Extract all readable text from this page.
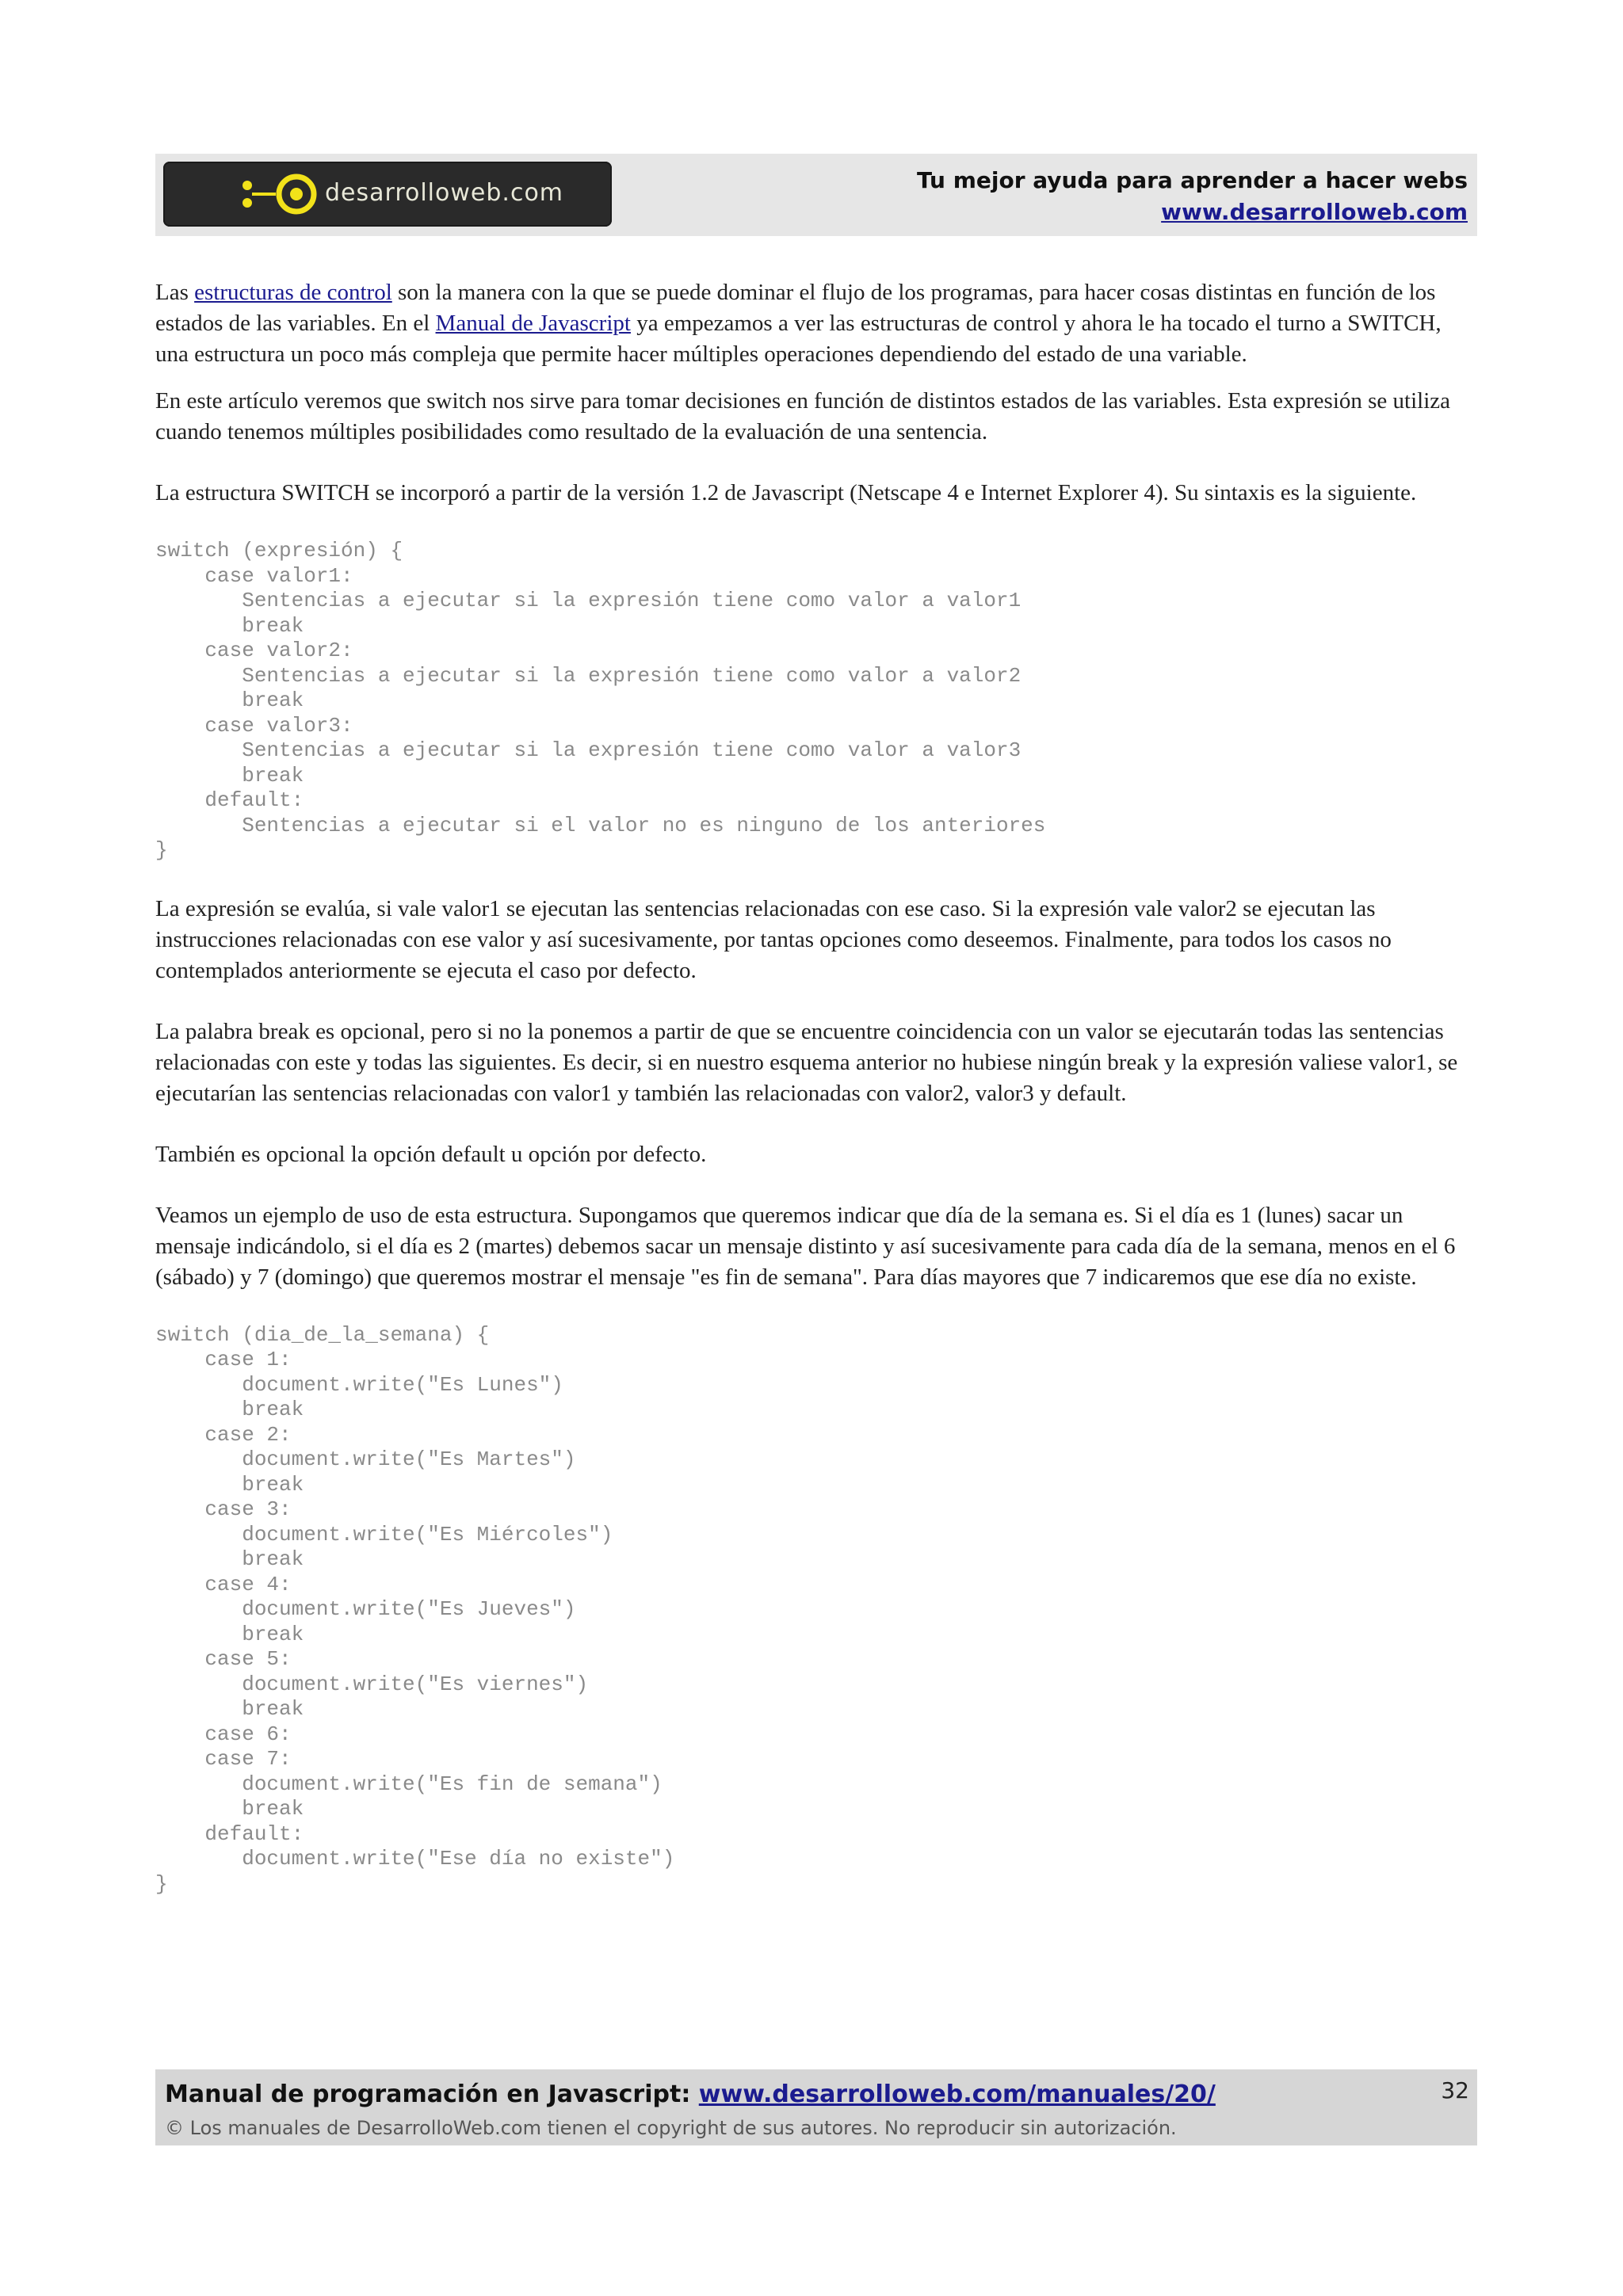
desarrolloweb.com	Tu mejor ayuda para aprender a hacer webs
www.desarrolloweb.com

Las estructuras de control son la manera con la que se puede dominar el flujo de los programas, para hacer cosas distintas en función de los estados de las variables. En el Manual de Javascript ya empezamos a ver las estructuras de control y ahora le ha tocado el turno a SWITCH, una estructura un poco más compleja que permite hacer múltiples operaciones dependiendo del estado de una variable.

En este artículo veremos que switch nos sirve para tomar decisiones en función de distintos estados de las variables. Esta expresión se utiliza cuando tenemos múltiples posibilidades como resultado de la evaluación de una sentencia.

La estructura SWITCH se incorporó a partir de la versión 1.2 de Javascript (Netscape 4 e Internet Explorer 4). Su sintaxis es la siguiente.

switch (expresión) {
case valor1:
Sentencias a ejecutar si la expresión tiene como valor a valor1
break
case valor2:
Sentencias a ejecutar si la expresión tiene como valor a valor2
break
case valor3:
Sentencias a ejecutar si la expresión tiene como valor a valor3
break
default:
Sentencias a ejecutar si el valor no es ninguno de los anteriores
}

La expresión se evalúa, si vale valor1 se ejecutan las sentencias relacionadas con ese caso. Si la expresión vale valor2 se ejecutan las instrucciones relacionadas con ese valor y así sucesivamente, por tantas opciones como deseemos. Finalmente, para todos los casos no contemplados anteriormente se ejecuta el caso por defecto.

La palabra break es opcional, pero si no la ponemos a partir de que se encuentre coincidencia con un valor se ejecutarán todas las sentencias relacionadas con este y todas las siguientes. Es decir, si en nuestro esquema anterior no hubiese ningún break y la expresión valiese valor1, se ejecutarían las sentencias relacionadas con valor1 y también las relacionadas con valor2, valor3 y default.

También es opcional la opción default u opción por defecto.

Veamos un ejemplo de uso de esta estructura. Supongamos que queremos indicar que día de la semana es. Si el día es 1 (lunes) sacar un mensaje indicándolo, si el día es 2 (martes) debemos sacar un mensaje distinto y así sucesivamente para cada día de la semana, menos en el 6 (sábado) y 7 (domingo) que queremos mostrar el mensaje "es fin de semana". Para días mayores que 7 indicaremos que ese día no existe.

switch (dia_de_la_semana) {
case 1:
document.write("Es Lunes")
break
case 2:
document.write("Es Martes")
break
case 3:
document.write("Es Miércoles")
break
case 4:
document.write("Es Jueves")
break
case 5:
document.write("Es viernes")
break
case 6:
case 7:
document.write("Es fin de semana")
break
default:
document.write("Ese día no existe")
}
Manual de programación en Javascript: www.desarrolloweb.com/manuales/20/
© Los manuales de DesarrolloWeb.com tienen el copyright de sus autores. No reproducir sin autorización.
32
